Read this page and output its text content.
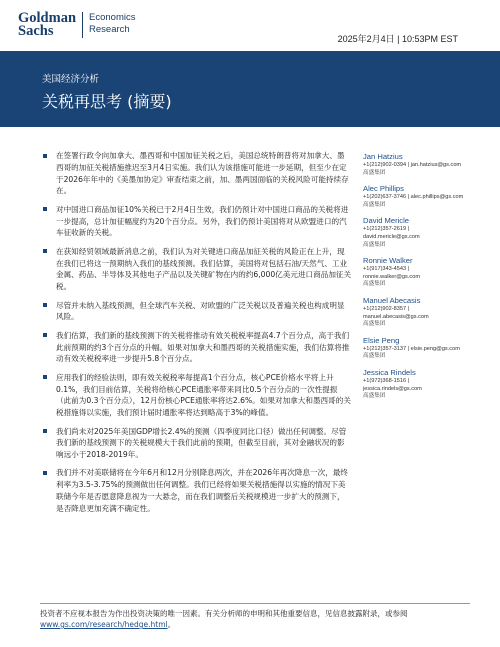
Goldman
Sachs
Economics
Research
2025年2月4日 | 10:53PM EST
美国经济分析
关税再思考 (摘要)
在签署行政令向加拿大、墨西哥和中国加征关税之后，美国总统特朗普将对加拿大、墨西哥的加征关税措施推迟至3月4日实施。我们认为该措施可能进一步延期，但至少在定于2026年年中的《美墨加协定》审查结束之前，加、墨两国面临的关税风险可能持续存在。
对中国进口商品加征10%关税已于2月4日生效，我们仍预计对中国进口商品的关税将进一步提高，总计加征幅度约为20个百分点。另外，我们仍预计美国将对从欧盟进口的汽车征收新的关税。
在获知经贸领域最新消息之前，我们认为对关键进口商品加征关税的风险正在上升，现在我们已将这一预期纳入我们的基线预测。我们估算，美国将对包括石油/天然气、工业金属、药品、半导体及其他电子产品以及关键矿物在内的约6,000亿美元进口商品加征关税。
尽管并未纳入基线预测，但全球汽车关税、对欧盟的广泛关税以及普遍关税也构成明显风险。
我们估算，我们新的基线预测下的关税将推动有效关税税率提高4.7个百分点，高于我们此前预期的约3个百分点的升幅。如果对加拿大和墨西哥的关税措施实施，我们估算将推动有效关税税率进一步提升5.8个百分点。
应用我们的经验法则，即有效关税税率每提高1个百分点，核心PCE价格水平将上升0.1%，我们目前估算，关税将给核心PCE通胀率带来同比0.5个百分点的一次性提振（此前为0.3个百分点），12月份核心PCE通胀率将达2.6%。如果对加拿大和墨西哥的关税措施得以实施，我们预计届时通胀率将达到略高于3%的峰值。
我们尚未对2025年美国GDP增长2.4%的预测（四季度同比口径）做出任何调整。尽管我们新的基线预测下的关税规模大于我们此前的预期，但截至目前，其对金融状况的影响远小于2018-2019年。
我们并不对美联储将在今年6月和12月分别降息两次，并在2026年再次降息一次，最终利率为3.5-3.75%的预测做出任何调整。我们已经将如果关税措施得以实施的情况下美联储今年是否愿意降息视为一大悬念，而在我们调整后关税规模进一步扩大的预测下，是否降息更加充满不确定性。
Jan Hatzius
+1(212)902-0394 | jan.hatzius@gs.com
高盛集团
Alec Phillips
+1(202)637-3746 | alec.phillips@gs.com
高盛集团
David Mericle
+1(212)357-2619 |
david.mericle@gs.com
高盛集团
Ronnie Walker
+1(917)343-4543 |
ronnie.walker@gs.com
高盛集团
Manuel Abecasis
+1(212)902-8357 |
manuel.abecasis@gs.com
高盛集团
Elsie Peng
+1(212)357-3137 | elsie.peng@gs.com
高盛集团
Jessica Rindels
+1(972)368-1516 |
jessica.rindels@gs.com
高盛集团
投资者不应视本报告为作出投资决策的唯一因素。有关分析师的申明和其他重要信息，见信息披露附录，或参阅www.gs.com/research/hedge.html。
